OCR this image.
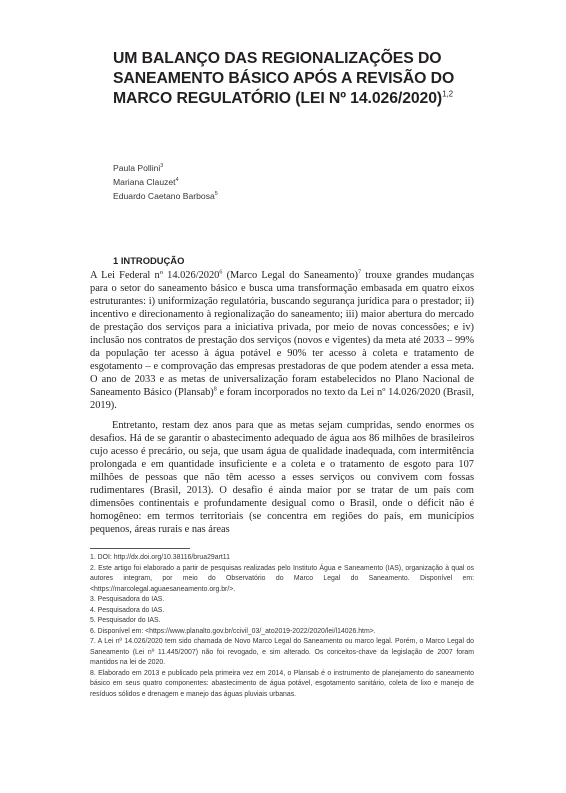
UM BALANÇO DAS REGIONALIZAÇÕES DO SANEAMENTO BÁSICO APÓS A REVISÃO DO MARCO REGULATÓRIO (LEI Nº 14.026/2020)$^{1,2}$
Paula Pollini$^3$
Mariana Clauzet$^4$
Eduardo Caetano Barbosa$^5$
1 INTRODUÇÃO

A Lei Federal nº 14.026/2020$^6$ (Marco Legal do Saneamento)$^7$ trouxe grandes mudanças para o setor do saneamento básico e busca uma transformação embasada em quatro eixos estruturantes: i) uniformização regulatória, buscando segurança jurídica para o prestador; ii) incentivo e direcionamento à regionalização do saneamento; iii) maior abertura do mercado de prestação dos serviços para a iniciativa privada, por meio de novas concessões; e iv) inclusão nos contratos de prestação dos serviços (novos e vigentes) da meta até 2033 – 99% da população ter acesso à água potável e 90% ter acesso à coleta e tratamento de esgotamento – e comprovação das empresas prestadoras de que podem atender a essa meta. O ano de 2033 e as metas de universalização foram estabelecidos no Plano Nacional de Saneamento Básico (Plansab)$^8$ e foram incorporados no texto da Lei nº 14.026/2020 (Brasil, 2019).

Entretanto, restam dez anos para que as metas sejam cumpridas, sendo enormes os desafios. Há de se garantir o abastecimento adequado de água aos 86 milhões de brasileiros cujo acesso é precário, ou seja, que usam água de qualidade inadequada, com intermitência prolongada e em quantidade insuficiente e a coleta e o tratamento de esgoto para 107 milhões de pessoas que não têm acesso a esses serviços ou convivem com fossas rudimentares (Brasil, 2013). O desafio é ainda maior por se tratar de um país com dimensões continentais e profundamente desigual como o Brasil, onde o déficit não é homogêneo: em termos territoriais (se concentra em regiões do país, em municípios pequenos, áreas rurais e nas áreas

1. DOI: http://dx.doi.org/10.38116/brua29art11

2. Este artigo foi elaborado a partir de pesquisas realizadas pelo Instituto Água e Saneamento (IAS), organização à qual os autores integram, por meio do Observatório do Marco Legal do Saneamento. Disponível em: <https://marcolegal.aguaesaneamento.org.br/>.

3. Pesquisadora do IAS.

4. Pesquisadora do IAS.

5. Pesquisador do IAS.

6. Disponível em: <https://www.planalto.gov.br/ccivil_03/_ato2019-2022/2020/lei/l14026.htm>.

7. A Lei nº 14.026/2020 tem sido chamada de Novo Marco Legal do Saneamento ou marco legal. Porém, o Marco Legal do Saneamento (Lei nº 11.445/2007) não foi revogado, e sim alterado. Os conceitos-chave da legislação de 2007 foram mantidos na lei de 2020.

8. Elaborado em 2013 e publicado pela primeira vez em 2014, o Plansab é o instrumento de planejamento do saneamento básico em seus quatro componentes: abastecimento de água potável, esgotamento sanitário, coleta de lixo e manejo de resíduos sólidos e drenagem e manejo das águas pluviais urbanas.
